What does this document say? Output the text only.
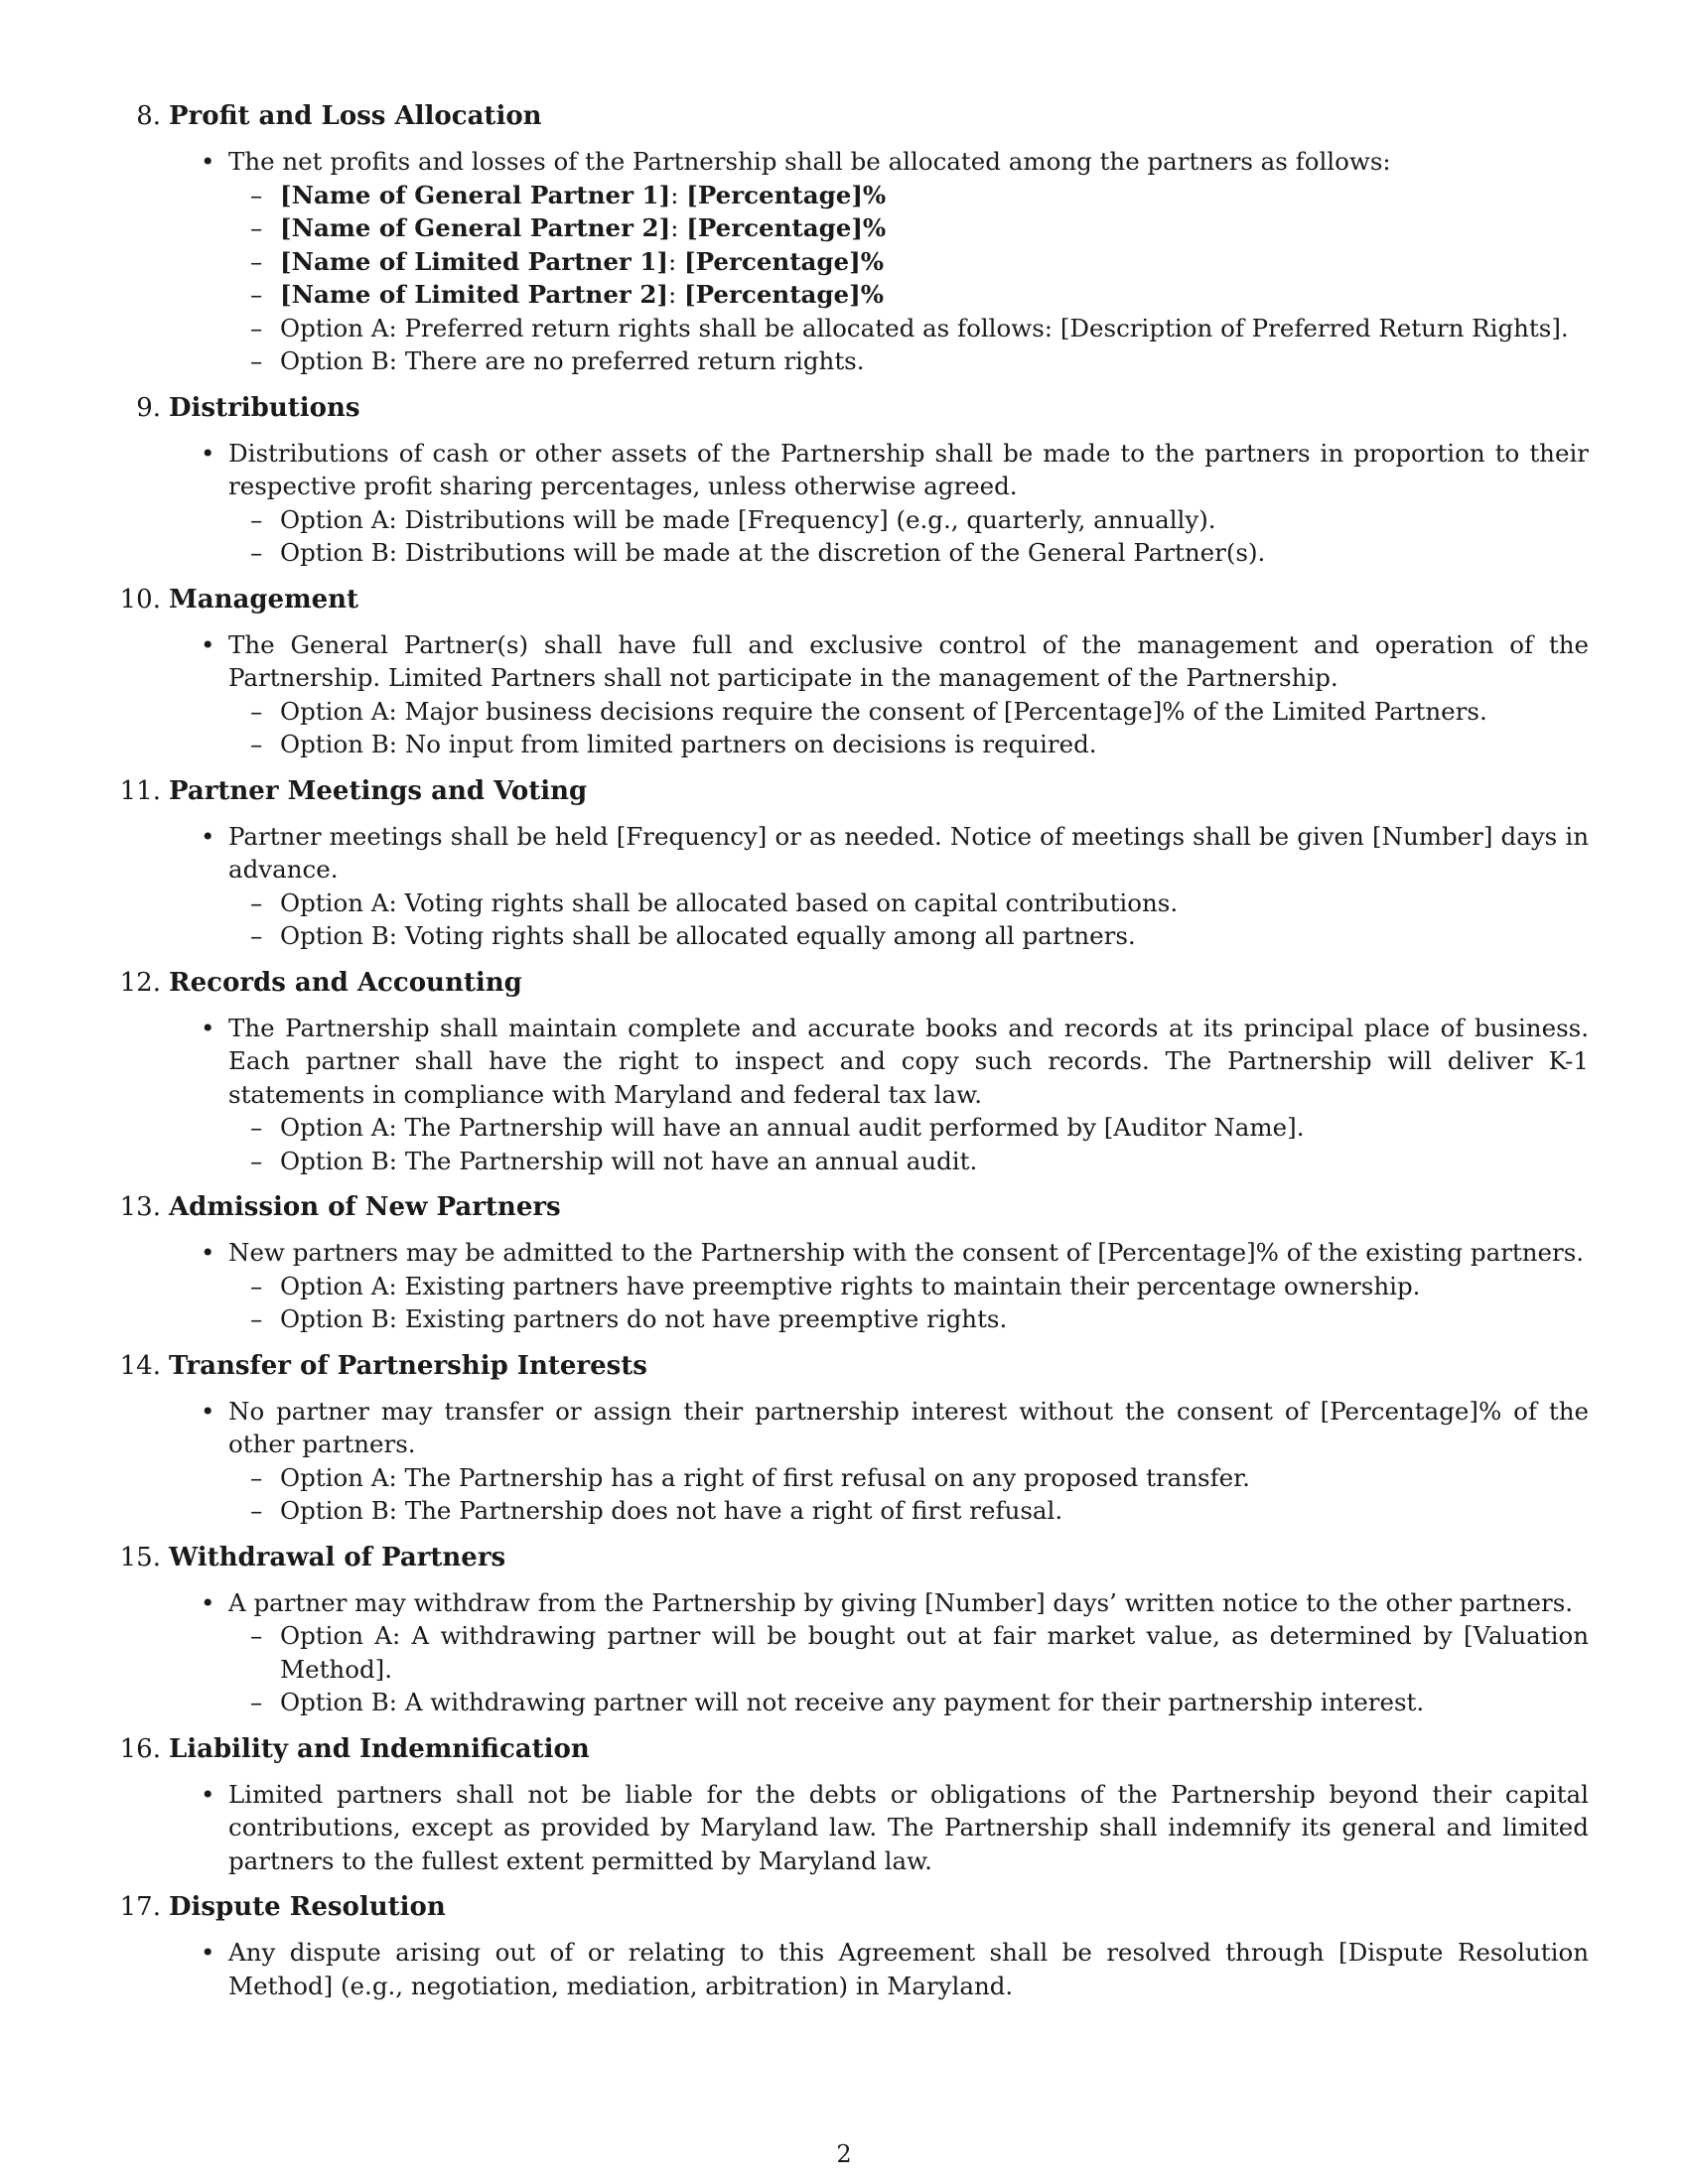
8. Profit and Loss Allocation
• The net profits and losses of the Partnership shall be allocated among the partners as follows:
– [Name of General Partner 1]: [Percentage]%
– [Name of General Partner 2]: [Percentage]%
– [Name of Limited Partner 1]: [Percentage]%
– [Name of Limited Partner 2]: [Percentage]%
– Option A: Preferred return rights shall be allocated as follows: [Description of Preferred Return Rights].
– Option B: There are no preferred return rights.
9. Distributions
• Distributions of cash or other assets of the Partnership shall be made to the partners in proportion to their respective profit sharing percentages, unless otherwise agreed.
– Option A: Distributions will be made [Frequency] (e.g., quarterly, annually).
– Option B: Distributions will be made at the discretion of the General Partner(s).
10. Management
• The General Partner(s) shall have full and exclusive control of the management and operation of the Partnership. Limited Partners shall not participate in the management of the Partnership.
– Option A: Major business decisions require the consent of [Percentage]% of the Limited Partners.
– Option B: No input from limited partners on decisions is required.
11. Partner Meetings and Voting
• Partner meetings shall be held [Frequency] or as needed. Notice of meetings shall be given [Number] days in advance.
– Option A: Voting rights shall be allocated based on capital contributions.
– Option B: Voting rights shall be allocated equally among all partners.
12. Records and Accounting
• The Partnership shall maintain complete and accurate books and records at its principal place of business. Each partner shall have the right to inspect and copy such records. The Partnership will deliver K-1 statements in compliance with Maryland and federal tax law.
– Option A: The Partnership will have an annual audit performed by [Auditor Name].
– Option B: The Partnership will not have an annual audit.
13. Admission of New Partners
• New partners may be admitted to the Partnership with the consent of [Percentage]% of the existing partners.
– Option A: Existing partners have preemptive rights to maintain their percentage ownership.
– Option B: Existing partners do not have preemptive rights.
14. Transfer of Partnership Interests
• No partner may transfer or assign their partnership interest without the consent of [Percentage]% of the other partners.
– Option A: The Partnership has a right of first refusal on any proposed transfer.
– Option B: The Partnership does not have a right of first refusal.
15. Withdrawal of Partners
• A partner may withdraw from the Partnership by giving [Number] days’ written notice to the other partners.
– Option A: A withdrawing partner will be bought out at fair market value, as determined by [Valuation Method].
– Option B: A withdrawing partner will not receive any payment for their partnership interest.
16. Liability and Indemnification
• Limited partners shall not be liable for the debts or obligations of the Partnership beyond their capital contributions, except as provided by Maryland law. The Partnership shall indemnify its general and limited partners to the fullest extent permitted by Maryland law.
17. Dispute Resolution
• Any dispute arising out of or relating to this Agreement shall be resolved through [Dispute Resolution Method] (e.g., negotiation, mediation, arbitration) in Maryland.
2
